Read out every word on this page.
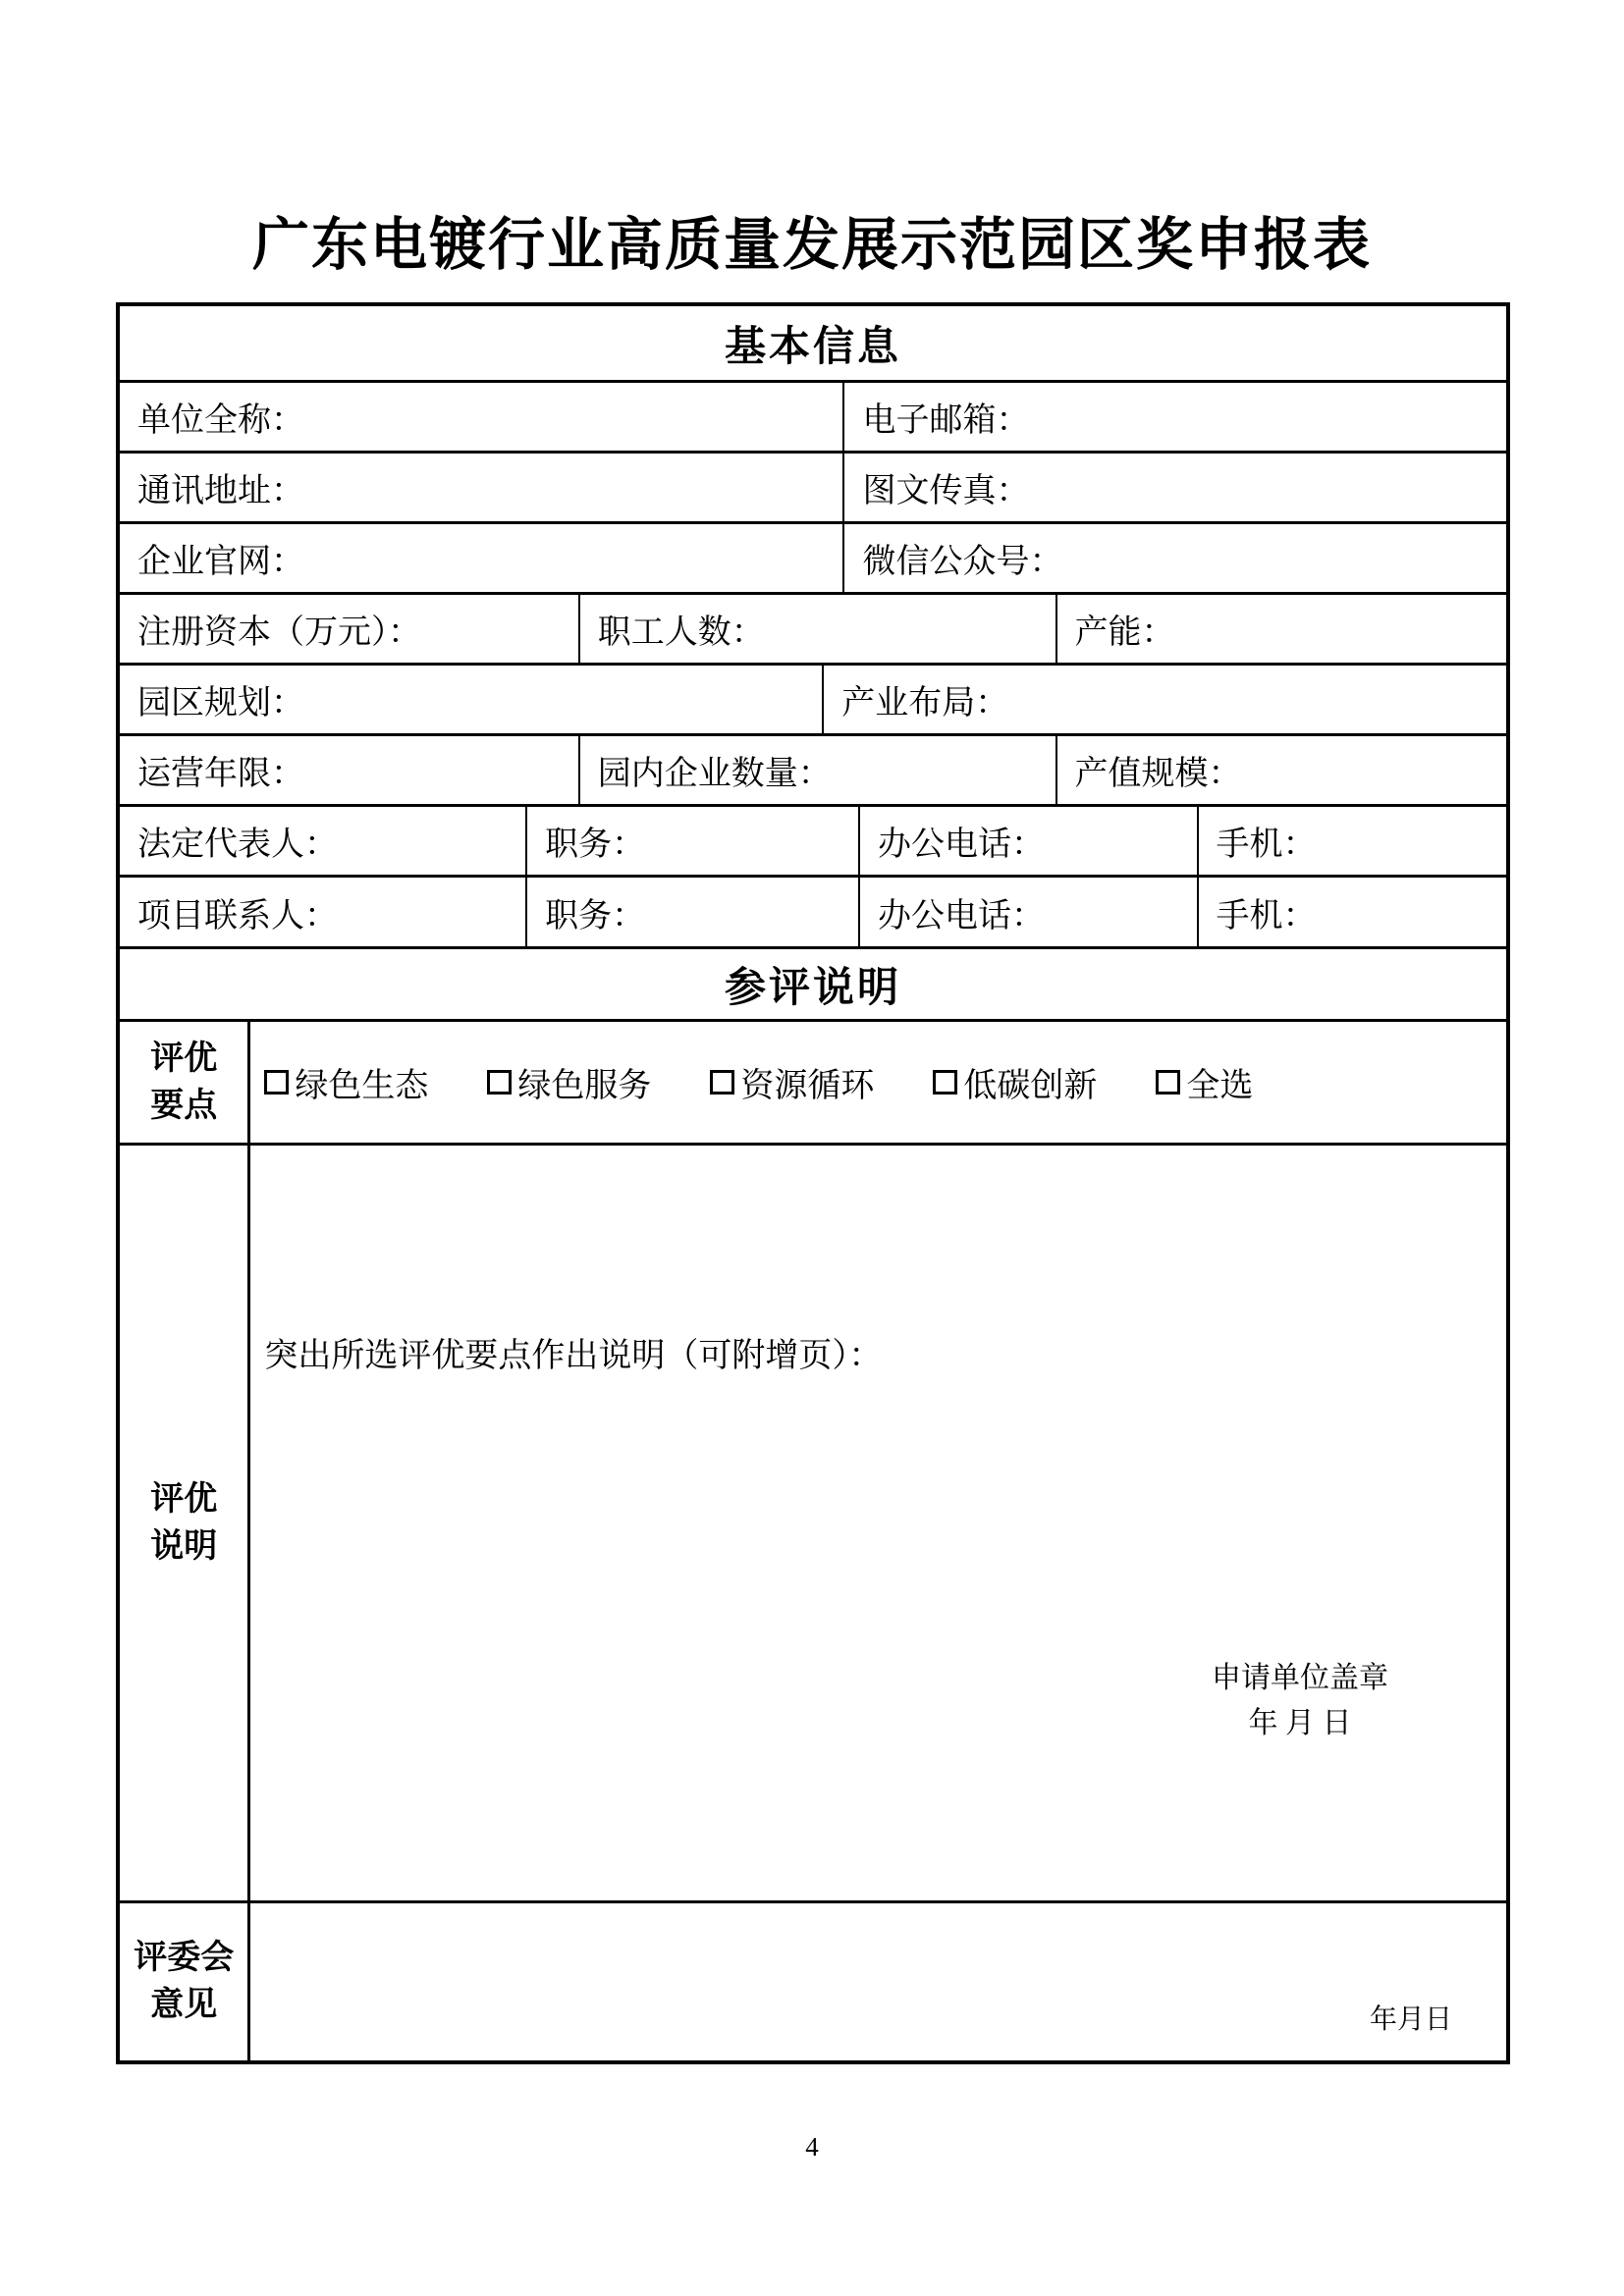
广东电镀行业高质量发展示范园区奖申报表
基本信息
单位全称：	电子邮箱：
通讯地址：	图文传真：
企业官网：	微信公众号：
注册资本（万元）：	职工人数：	产能：
园区规划：	产业布局：
运营年限：	园内企业数量：	产值规模：
法定代表人：	职务：	办公电话：	手机：
项目联系人：	职务：	办公电话：	手机：
参评说明
评优
要点
绿色生态	绿色服务	资源循环	低碳创新	全选
评优
说明
突出所选评优要点作出说明（可附增页）：
申请单位盖章
年 月 日
评委会
意见	年月日
4
